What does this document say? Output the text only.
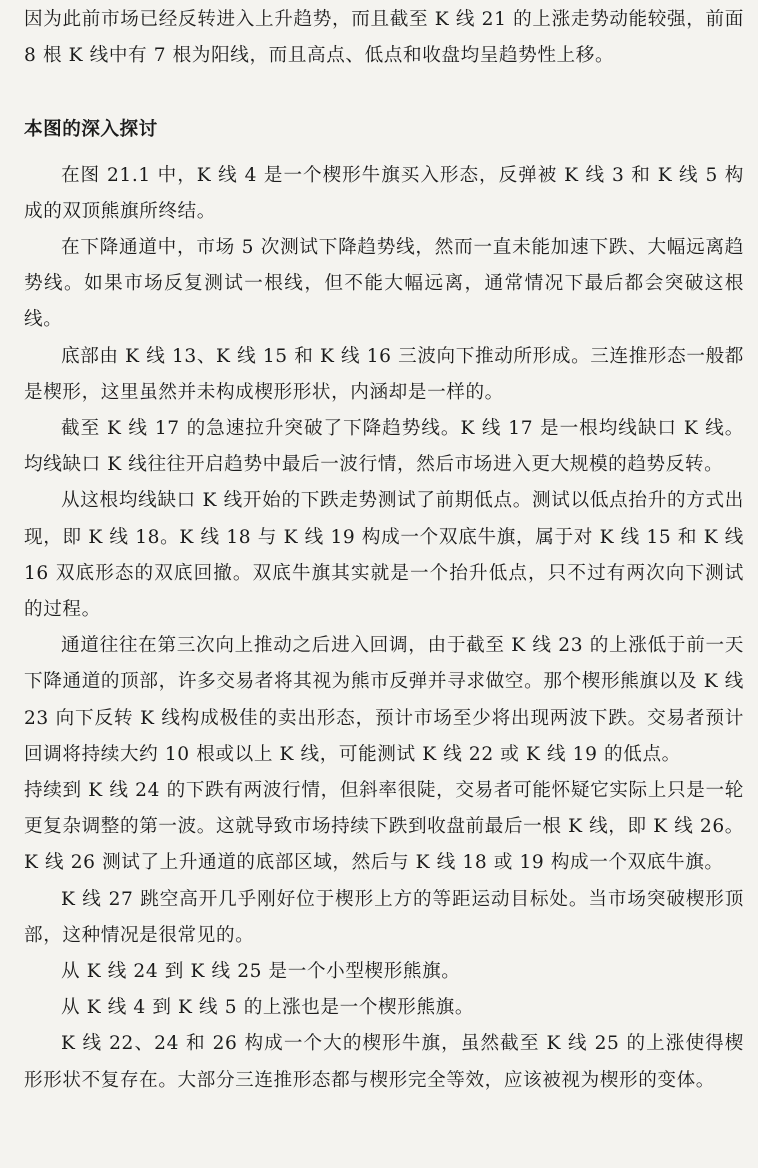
因为此前市场已经反转进入上升趋势，而且截至 K 线 21 的上涨走势动能较强，前面 8 根 K 线中有 7 根为阳线，而且高点、低点和收盘均呈趋势性上移。

本图的深入探讨

在图 21.1 中，K 线 4 是一个楔形牛旗买入形态，反弹被 K 线 3 和 K 线 5 构成的双顶熊旗所终结。

在下降通道中，市场 5 次测试下降趋势线，然而一直未能加速下跌、大幅远离趋势线。如果市场反复测试一根线，但不能大幅远离，通常情况下最后都会突破这根线。

底部由 K 线 13、K 线 15 和 K 线 16 三波向下推动所形成。三连推形态一般都是楔形，这里虽然并未构成楔形形状，内涵却是一样的。

截至 K 线 17 的急速拉升突破了下降趋势线。K 线 17 是一根均线缺口 K 线。均线缺口 K 线往往开启趋势中最后一波行情，然后市场进入更大规模的趋势反转。

从这根均线缺口 K 线开始的下跌走势测试了前期低点。测试以低点抬升的方式出现，即 K 线 18。K 线 18 与 K 线 19 构成一个双底牛旗，属于对 K 线 15 和 K 线 16 双底形态的双底回撤。双底牛旗其实就是一个抬升低点，只不过有两次向下测试的过程。

通道往往在第三次向上推动之后进入回调，由于截至 K 线 23 的上涨低于前一天下降通道的顶部，许多交易者将其视为熊市反弹并寻求做空。那个楔形熊旗以及 K 线 23 向下反转 K 线构成极佳的卖出形态，预计市场至少将出现两波下跌。交易者预计回调将持续大约 10 根或以上 K 线，可能测试 K 线 22 或 K 线 19 的低点。

持续到 K 线 24 的下跌有两波行情，但斜率很陡，交易者可能怀疑它实际上只是一轮更复杂调整的第一波。这就导致市场持续下跌到收盘前最后一根 K 线，即 K 线 26。K 线 26 测试了上升通道的底部区域，然后与 K 线 18 或 19 构成一个双底牛旗。

K 线 27 跳空高开几乎刚好位于楔形上方的等距运动目标处。当市场突破楔形顶部，这种情况是很常见的。

从 K 线 24 到 K 线 25 是一个小型楔形熊旗。

从 K 线 4 到 K 线 5 的上涨也是一个楔形熊旗。

K 线 22、24 和 26 构成一个大的楔形牛旗，虽然截至 K 线 25 的上涨使得楔形形状不复存在。大部分三连推形态都与楔形完全等效，应该被视为楔形的变体。
